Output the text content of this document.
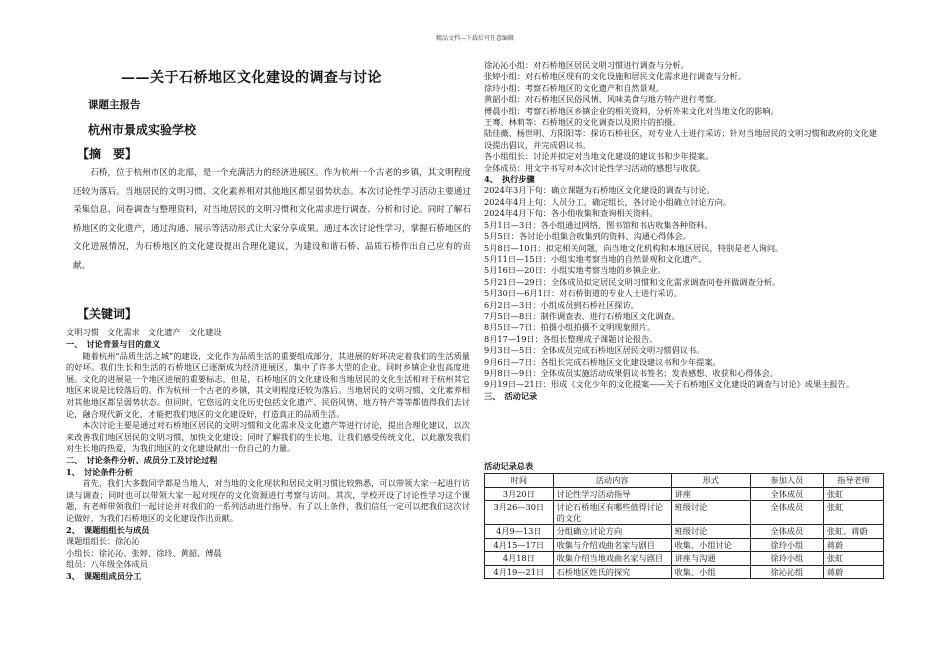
精品文档---下载后可任意编辑
——关于石桥地区文化建设的调查与讨论
课题主报告
杭州市景成实验学校
【摘　要】

石桥，位于杭州市区的北部，是一个充满活力的经济进展区。作为杭州一个古老的乡镇，其文明程度还较为落后。当地居民的文明习惯、文化素养相对其他地区都呈弱势状态。本次讨论性学习活动主要通过采集信息、问卷调查与整理资料，对当地居民的文明习惯和文化需求进行调查、分析和讨论。同时了解石桥地区的文化遗产，通过沟通、展示等活动形式让大家分享成果。通过本次讨论性学习，掌握石桥地区的文化进展情况，为石桥地区的文化建设提出合理化建议，为建设和谐石桥、品质石桥作出自己应有的贡献。

【关键词】
文明习惯　文化需求　文化遗产　文化建设

一、　讨论背景与目的意义

随着杭州“品质生活之城”的建设，文化作为品质生活的重要组成部分，其进展的好坏决定着我们的生活质量的好坏。我们生长和生活的石桥地区已逐渐成为经济进展区，集中了许多大型的企业，同时乡镇企业也高度进展。文化的进展是一个地区进展的重要标志，但是，石桥地区的文化建设和当地居民的文化生活相对于杭州其它地区来说是比较落后的。作为杭州一个古老的乡镇，其文明程度还较为落后。当地居民的文明习惯、文化素养相对其他地区都呈弱势状态。但同时，它悠远的文化历史包括文化遗产、民俗风情、地方特产等等都值得我们去讨论，融合现代新文化，才能把我们地区的文化建设好，打造真正的品质生活。

本次讨论主要是通过对石桥地区居民的文明习惯和文化需求及文化遗产等进行讨论，提出合理化建议，以次来改善我们地区居民的文明习惯，加快文化建设；同时了解我们的生长地，让我们感受传统文化，以此激发我们对生长地的热爱，为我们地区的文化建设献出一份自己的力量。

二、　讨论条件分析、成员分工及讨论过程

1、　讨论条件分析

首先，我们大多数同学都是当地人，对当地的文化现状和居民文明习惯比较熟悉，可以带领大家一起进行访谈与调查；同时也可以带领大家一起对现存的文化资源进行考察与访问。其次，学校开设了讨论性学习这个课题，有老师带领我们一起讨论并对我们的一系列活动进行指导。有了以上条件，我们信任一定可以把我们这次讨论做好，为我们石桥地区的文化建设作出贡献。

2、　课题组组长与成员

课题组组长：徐沁沁

小组长：徐沁沁、张婷、徐玲、黄韶、傅晨

组员：八年级全体成员

3、　课题组成员分工

徐沁沁小组：对石桥地区居民文明习惯进行调查与分析。

张婷小组：对石桥地区现有的文化设施和居民文化需求进行调查与分析。

徐玲小组：考察石桥地区的文化遗产和自然景观。

黄韶小组：对石桥地区民俗风情、风味美食与地方特产进行考察。

傅晨小组：考察石桥地区乡镇企业的相关资料，分析外来文化对当地文化的影响。

王骞、林莉等：石桥地区的文化调查以及照片的拍摄。

陆佳薇、杨世明、方阳阳等：探访石桥社区，对专业人士进行采访；针对当地居民的文明习惯和政府的文化建设提出倡议，并完成倡议书。

各小组组长：讨论并拟定对当地文化建设的建议书和少年提案。

全体成员：用文字书写对本次讨论性学习活动的感想与收获。

4、　执行步骤

2024年3月下旬：确立课题为石桥地区文化建设的调查与讨论。

2024年4月上旬：人员分工，确定组长，各讨论小组确立讨论方向。

2024年4月下旬：各小组收集和查询相关资料。

5月1日—3日：各小组通过网络、图书馆和书店收集各种资料。

5月5日：各讨论小组集合收集到的资料、沟通心得体会。

5月8日—10日：拟定相关问题，向当地文化机构和本地区居民，特别是老人询问。

5月11日—15日：小组实地考察当地的自然景观和文化遗产。

5月16日—20日：小组实地考察当地的乡镇企业。

5月21日—29日：全体成员拟定居民文明习惯和文化需求调查问卷并做调查分析。

5月30日—6月1日：对石桥街道的专业人士进行采访。

6月2日—3日：小组成员到石桥社区探访。

7月5日—8日：制作调查表、进行石桥地区文化调查。

8月5日—7日：拍摄小组拍摄不文明现象照片。

8月17—19日：各组长整理成子课题讨论报告。

9月3日—5日：全体成员完成石桥地区居民文明习惯倡议书。

9月6日—7日：各组长完成石桥地区文化建设建议书和少年提案。

9月8日—9日：全体成员实施活动成果倡议书签名；发表感想、收获和心得体会。

9月19日—21日：形成《文化少年的文化提案——关于石桥地区文化建设的调查与讨论》成果主报告。

三、　活动记录

活动记录总表
时间	活动内容	形式	参加人员	指导老师
3月20日	讨论性学习活动指导	讲座	全体成员	张虹
3月26—30日	讨论石桥地区有哪些值得讨论的文化	班级讨论	全体成员	张虹
4月9—13日	分组确立讨论方向	班级讨论	全体成员	张虹、蒋蔚
4月15—17日	收集与介绍戏曲名家与剧目	收集、小组讨论	徐玲小组	蒋蔚
4月18日	收集介绍当地戏曲名家与剧目	讲座与沟通	徐玲小组	张虹
4月19—21日	石桥地区姓氏的探究	收集、小组	徐沁沁组	蒋蔚
